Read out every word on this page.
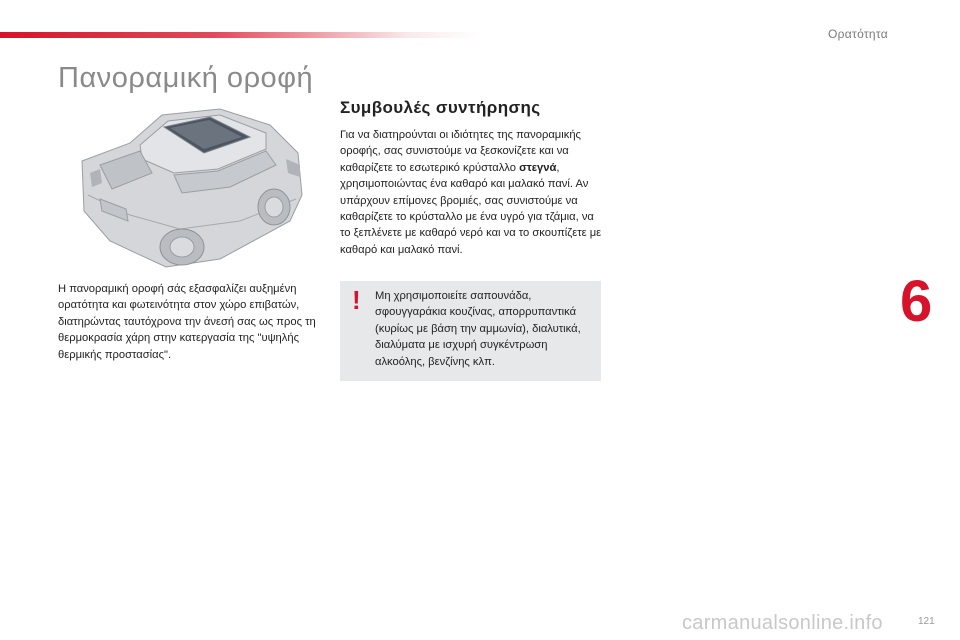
Ορατότητα
Πανοραμική οροφή
Η πανοραμική οροφή σάς εξασφαλίζει αυξημένη ορατότητα και φωτεινότητα στον χώρο επιβατών, διατηρώντας ταυτόχρονα την άνεσή σας ως προς τη θερμοκρασία χάρη στην κατεργασία της "υψηλής θερμικής προστασίας".
Συμβουλές συντήρησης
Για να διατηρούνται οι ιδιότητες της πανοραμικής οροφής, σας συνιστούμε να ξεσκονίζετε και να καθαρίζετε το εσωτερικό κρύσταλλο στεγνά, χρησιμοποιώντας ένα καθαρό και μαλακό πανί. Αν υπάρχουν επίμονες βρομιές, σας συνιστούμε να καθαρίζετε το κρύσταλλο με ένα υγρό για τζάμια, να το ξεπλένετε με καθαρό νερό και να το σκουπίζετε με καθαρό και μαλακό πανί.
! Μη χρησιμοποιείτε σαπουνάδα, σφουγγαράκια κουζίνας, απορρυπαντικά (κυρίως με βάση την αμμωνία), διαλυτικά, διαλύματα με ισχυρή συγκέντρωση αλκοόλης, βενζίνης κλπ.
6
carmanualsonline.info	121
